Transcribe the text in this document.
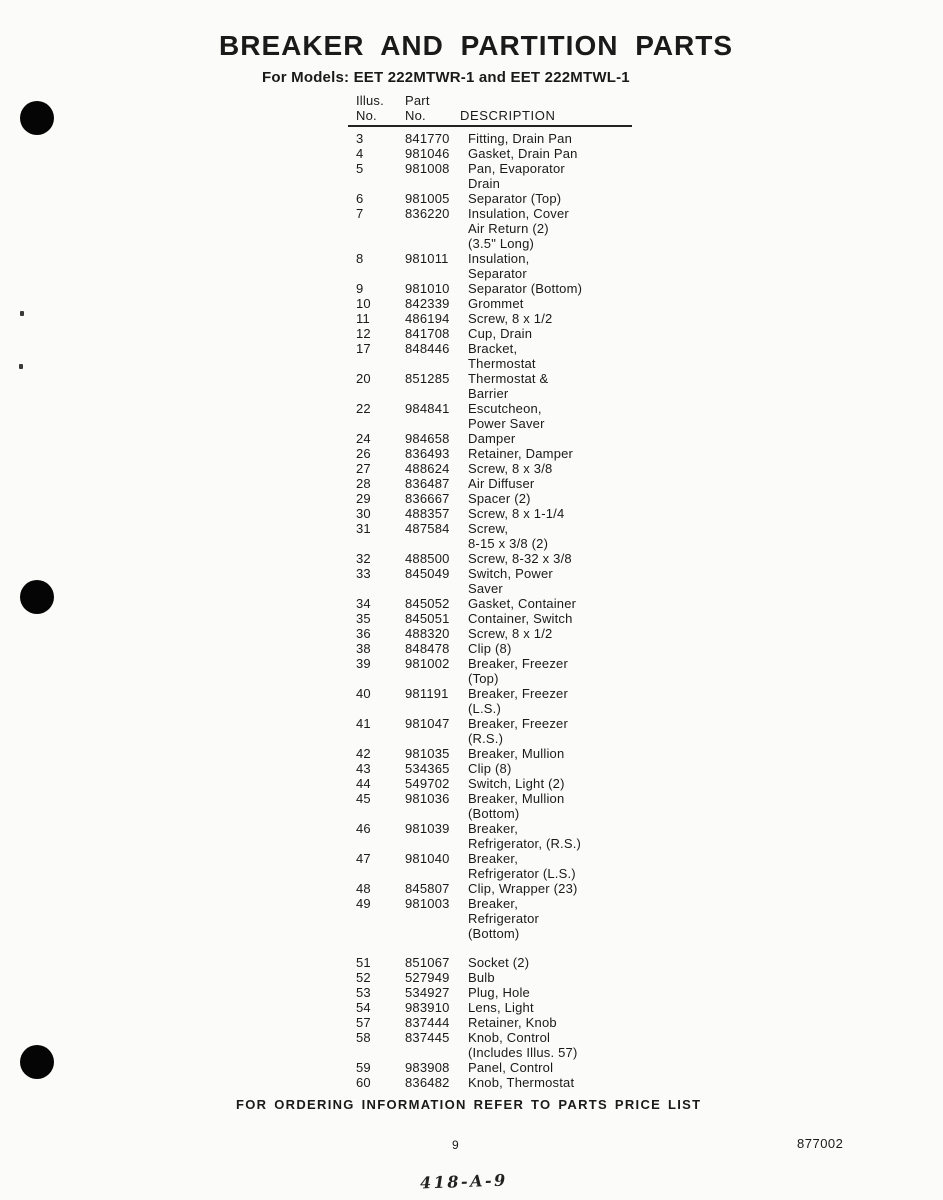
BREAKER AND PARTITION PARTS
For Models: EET 222MTWR-1 and EET 222MTWL-1
Illus.	Part
No.	No.	DESCRIPTION
3	841770	Fitting, Drain Pan
4	981046	Gasket, Drain Pan
5	981008	Pan, Evaporator
Drain
6	981005	Separator (Top)
7	836220	Insulation, Cover
Air Return (2)
(3.5" Long)
8	981011	Insulation,
Separator
9	981010	Separator (Bottom)
10	842339	Grommet
11	486194	Screw, 8 x 1/2
12	841708	Cup, Drain
17	848446	Bracket,
Thermostat
20	851285	Thermostat &
Barrier
22	984841	Escutcheon,
Power Saver
24	984658	Damper
26	836493	Retainer, Damper
27	488624	Screw, 8 x 3/8
28	836487	Air Diffuser
29	836667	Spacer (2)
30	488357	Screw, 8 x 1-1/4
31	487584	Screw,
8-15 x 3/8 (2)
32	488500	Screw, 8-32 x 3/8
33	845049	Switch, Power
Saver
34	845052	Gasket, Container
35	845051	Container, Switch
36	488320	Screw, 8 x 1/2
38	848478	Clip (8)
39	981002	Breaker, Freezer
(Top)
40	981191	Breaker, Freezer
(L.S.)
41	981047	Breaker, Freezer
(R.S.)
42	981035	Breaker, Mullion
43	534365	Clip (8)
44	549702	Switch, Light (2)
45	981036	Breaker, Mullion
(Bottom)
46	981039	Breaker,
Refrigerator, (R.S.)
47	981040	Breaker,
Refrigerator (L.S.)
48	845807	Clip, Wrapper (23)
49	981003	Breaker,
Refrigerator
(Bottom)
51	851067	Socket (2)
52	527949	Bulb
53	534927	Plug, Hole
54	983910	Lens, Light
57	837444	Retainer, Knob
58	837445	Knob, Control
(Includes Illus. 57)
59	983908	Panel, Control
60	836482	Knob, Thermostat
FOR ORDERING INFORMATION REFER TO PARTS PRICE LIST
9	877002
418-A-9
